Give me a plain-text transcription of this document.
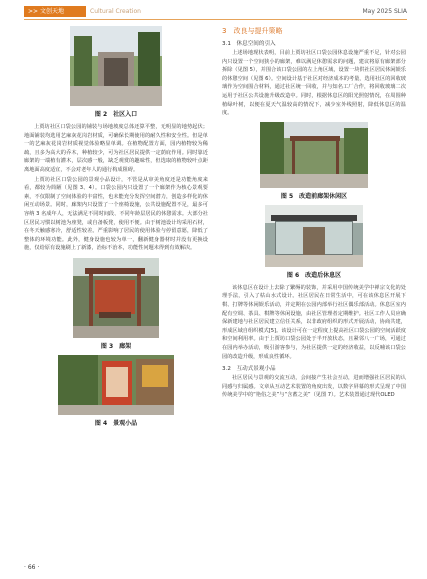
>> 文创天地	Cultural Creation	May 2025 SLIA
图 2　社区入口

上贾坊社区口袋公园的铺装与场地坡度总体还算平整，无明显的地势起伏；地面铺装均选用艺麻灰花岗岩材质，可确保长期使用的耐久性和安全性。但是单一的艺麻灰花岗岩材质视觉体验略显单调。在植物配置方面，园内植物较为稀疏，且多为高大的乔木，种植较少，可为社区居民提供一定荫庇作用。同时靠近廊架的一端植有灌木，层次感一般，缺乏观赏的趣味性，但选取的植物较叶点距离地面高度适宜，不会对老年人的通行构成阻碍。

上贾坊社区口袋公园的景观小品设计，不管是从审美角度还是功能角度来看，都较为简陋（见图 3、4）。口袋公园内只设置了一个廊架作为核心景观要素，不仅限制了空间体验的丰富性，也未能充分发挥空间潜力，创造多样化的休闲互动场景。同时，廊架内只设置了一个座椅设施，公共设施配置不足，最多可容纳 3 名成年人，无法满足不同时间段、不同年龄层居民的休憩需求。大部分社区居民习惯以树池为座凳，或自备板凳，使用不便。由于树池设计均采用石材，在冬天触感寒冷，舒适性较差。严重影响了居民的使用体验与停留意愿，降低了整体的环境功能。此外，健身设施也较为单一，翻新健身器材时并没有更换设施，仅给原有设施刷上了新漆，治标不治本，功能性问题未得到有效解决。

图 3　廊架
图 4　景观小品
3　改良与提升策略
3.1　休息空间的引入

上述场地现状表明，目前上贾坊社区口袋公园休息设施严重不足，针对公园内只设置一个空间狭小的廊架，难以满足休憩需求的问题，建议将原有廊架部分拆除（见图 5），并围合该口袋公园的左上角区域，设置一块供社区居民休闲娱乐的休憩空间（见图 6）。空间设计基于社区对经济成本的考量，选用社区的回收玻璃作为空间围合材料，通过社区统一回收，并与知名工厂合作，将回收玻璃二次运用于社区公共设施升级改造中。同时，根据休息区的阳光照射情况，在周围种植绿叶树，以便在夏天气温较高的情况下，减少室外线照射，降低休息区的温度。

图 5　改造前廊架休闲区
图 6　改造后休息区

该休息区在设计上去除了繁缛的装饰，并采用中国传统美学中禅宗文化的处理手法，引入了枯山水式设计。社区居民在日常生活中，可在该休息区开展下棋、打牌等休闲娱乐活动，并定期在公园内部举行社区偶乐部活动。休息区室内配有空调、茶具、棋牌等休闲设施，由社区管理者定期维护。社区工作人员应确保新建地与社区居民建立信任关系，以非政府组织的形式开展活动，协商共建，形成区域自组织模式[5]。该设计可在一定程度上提高社区口袋公园的空间活跃度和空间利用率。由于上贾坊口袋公园处于半开放状态，且紧邻八一广场，可通过在园内举办活动，吸引游客参与，为社区提供一定的经济收益，以反哺该口袋公园的改造升级，形成良性循环。

3.2　互动式景观小品

社区居民与景观的交流互动，会间接产生社会互动，进而增强社区居民的认同感与归属感。文章从互动艺术装置的角度出发，以数字屏幕的形式呈现了中国传统美学中的“艳俗之美”与“含蓄之美”（见图 7）。艺术装置通过现代OLED

· 66 ·
